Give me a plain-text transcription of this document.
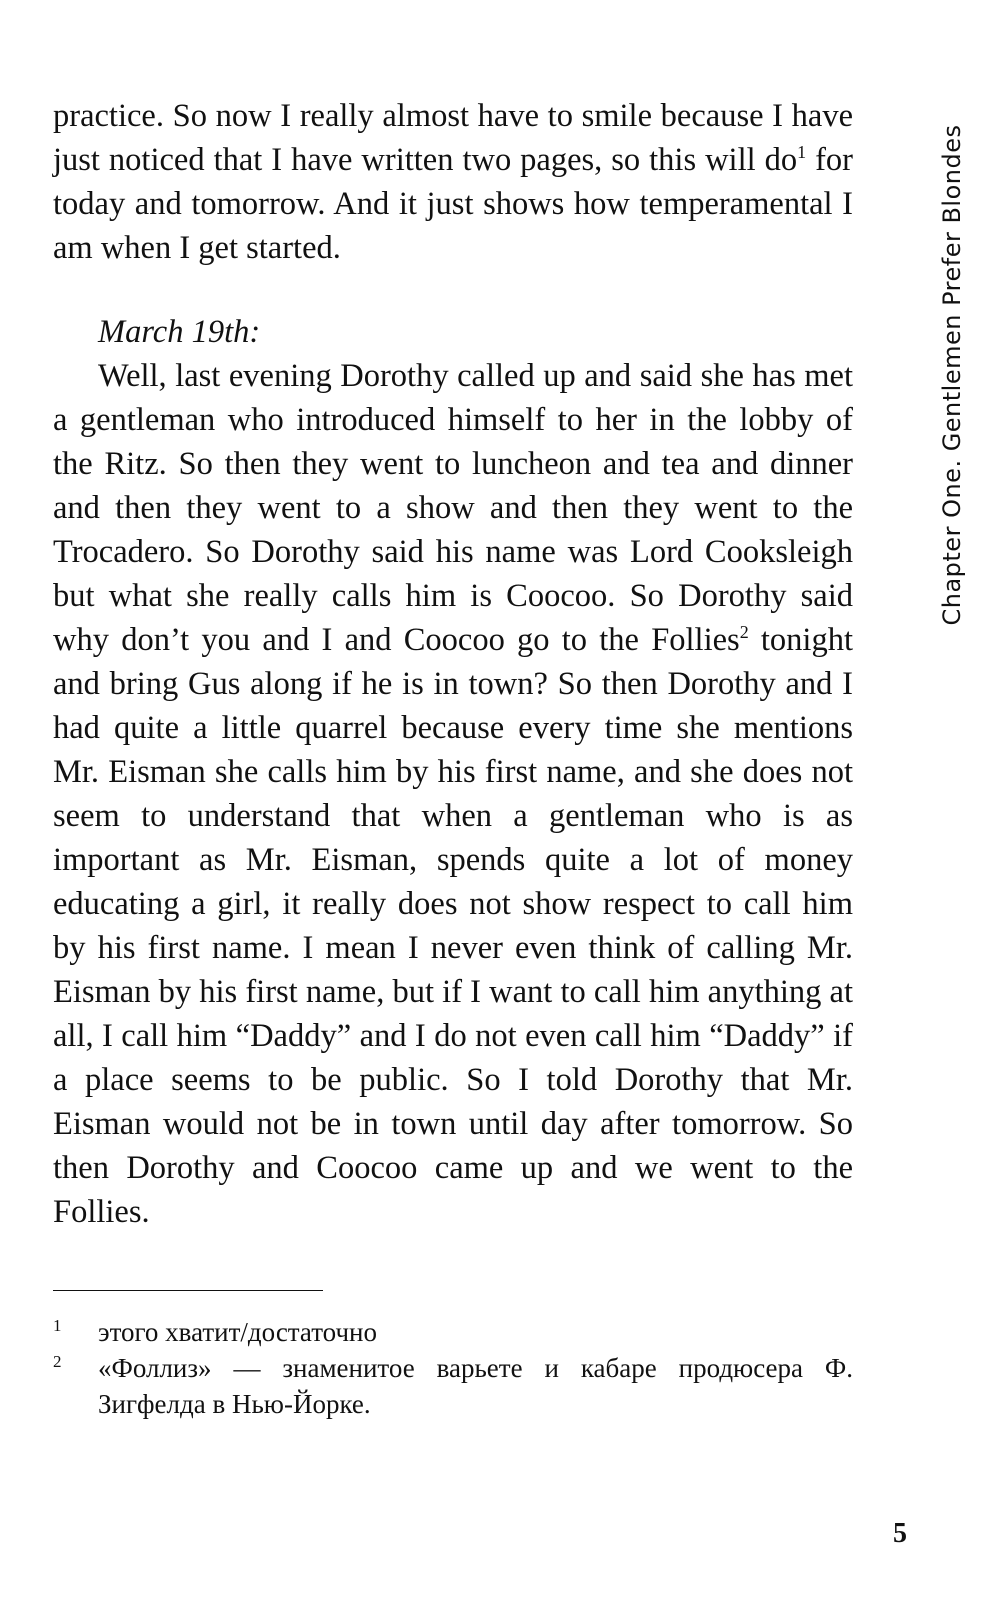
practice. So now I really almost have to smile because I have just noticed that I have written two pages, so this will $do^1$ for today and tomorrow. And it just shows how temperamental I am when I get started.

March 19th:

Well, last evening Dorothy called up and said she has met a gentleman who introduced himself to her in the lobby of the Ritz. So then they went to luncheon and tea and dinner and then they went to a show and then they went to the Trocadero. So Dorothy said his name was Lord Cooksleigh but what she really calls him is Coocoo. So Dorothy said why don’t you and I and Coocoo go to the Follies$^2$ tonight and bring Gus along if he is in town? So then Dorothy and I had quite a little quarrel because every time she mentions Mr. Eisman she calls him by his first name, and she does not seem to understand that when a gentleman who is as important as Mr. Eisman, spends quite a lot of money educating a girl, it really does not show respect to call him by his first name. I mean I never even think of calling Mr. Eisman by his first name, but if I want to call him anything at all, I call him “Daddy” and I do not even call him “Daddy” if a place seems to be public. So I told Dorothy that Mr. Eisman would not be in town until day after tomorrow. So then Dorothy and Coocoo came up and we went to the Follies.

Chapter One. Gentlemen Prefer Blondes
1 этого хватит/достаточно
2 «Фоллиз» — знаменитое варьете и кабаре продюсера Ф. Зигфелда в Нью-Йорке.
5
